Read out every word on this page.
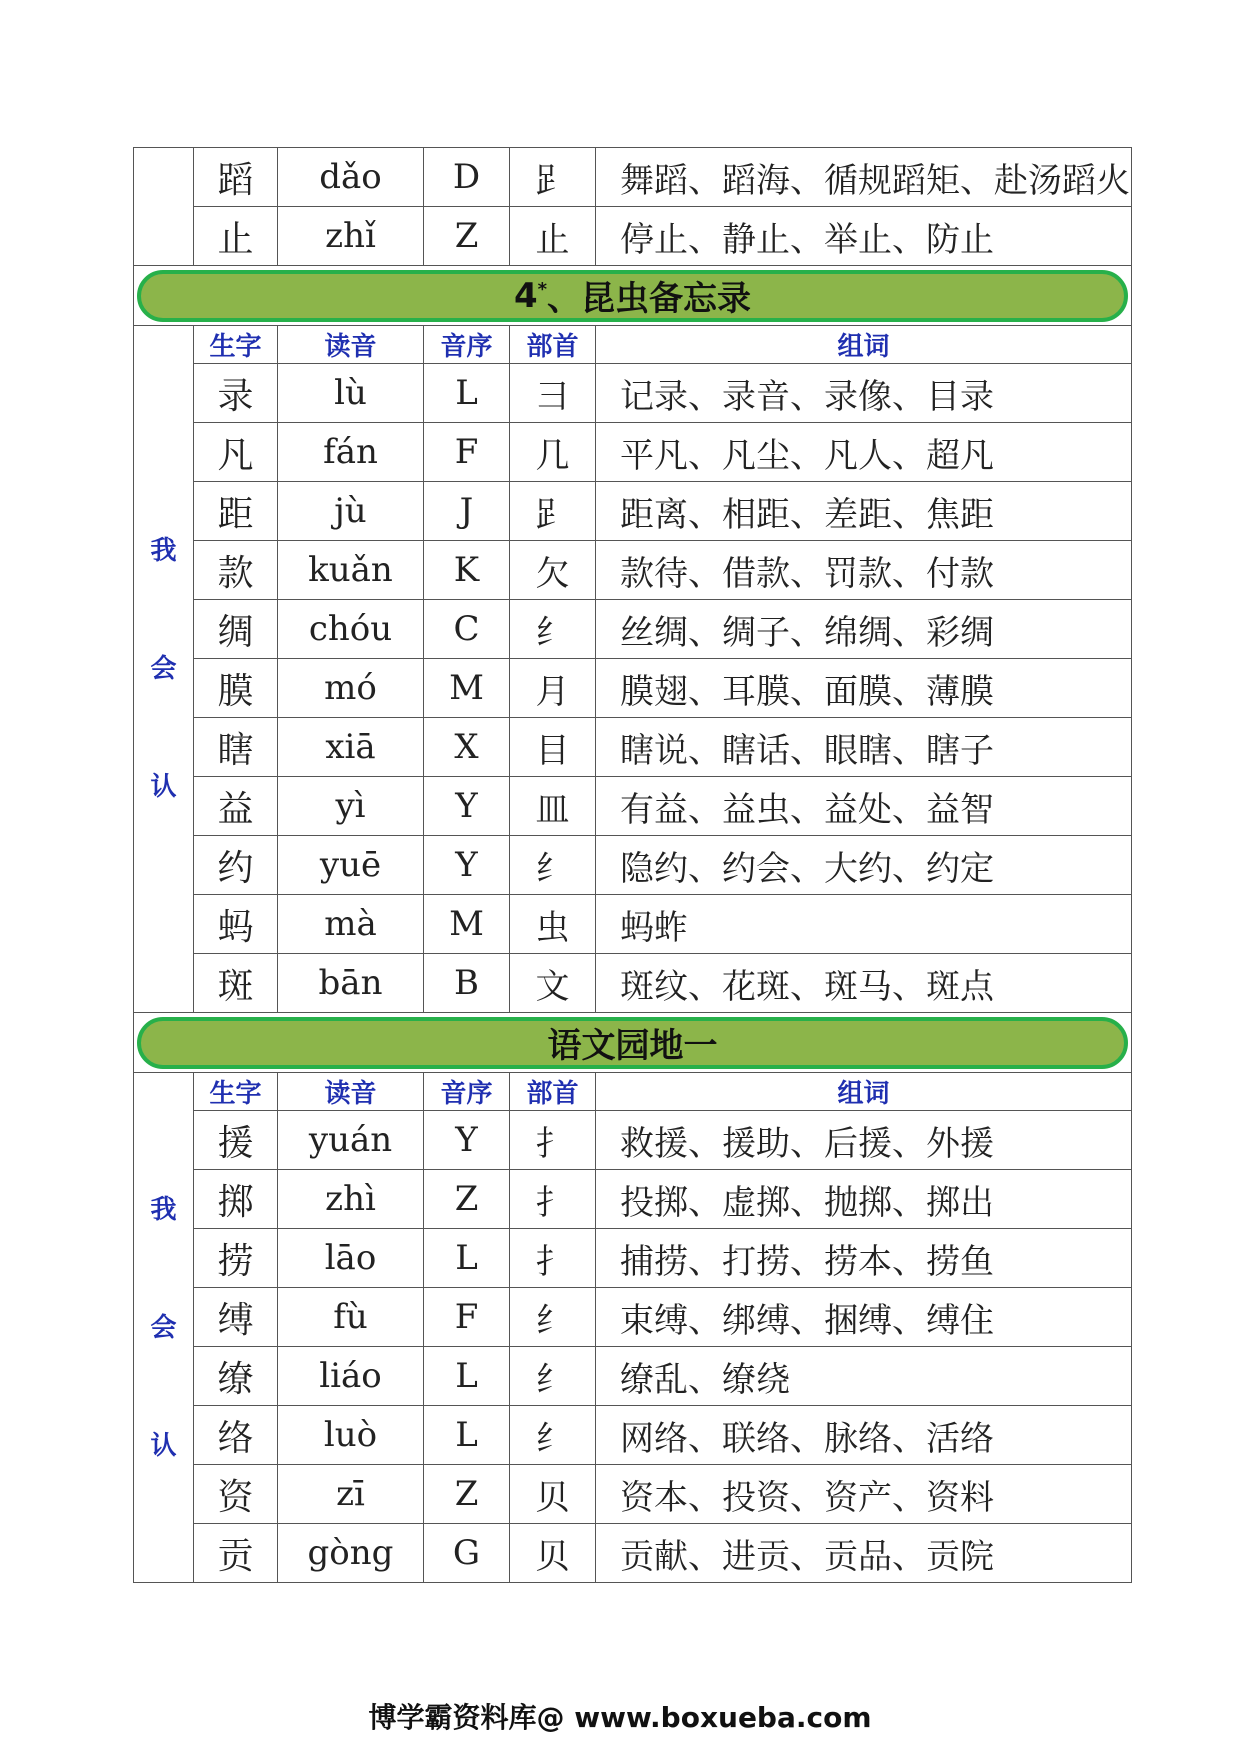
	蹈	dǎo	D	𧾷	舞蹈、蹈海、循规蹈矩、赴汤蹈火
	止	zhǐ	Z	止	停止、静止、举止、防止

4* 、昆虫备忘录					

我
会
认	生字	读音	音序	部首	组词
	录	lù	L	彐	记录、录音、录像、目录
	凡	fán	F	几	平凡、凡尘、凡人、超凡
	距	jù	J	𧾷	距离、相距、差距、焦距
	款	kuǎn	K	欠	款待、借款、罚款、付款
	绸	chóu	C	纟	丝绸、绸子、绵绸、彩绸
	膜	mó	M	月	膜翅、耳膜、面膜、薄膜
	瞎	xiā	X	目	瞎说、瞎话、眼瞎、瞎子
	益	yì	Y	皿	有益、益虫、益处、益智
	约	yuē	Y	纟	隐约、约会、大约、约定
	蚂	mà	M	虫	蚂蚱
	斑	bān	B	文	斑纹、花斑、斑马、斑点

语文园地一					

我
会
认	生字	读音	音序	部首	组词
	援	yuán	Y	扌	救援、援助、后援、外援
	掷	zhì	Z	扌	投掷、虚掷、抛掷、掷出
	捞	lāo	L	扌	捕捞、打捞、捞本、捞鱼
	缚	fù	F	纟	束缚、绑缚、捆缚、缚住
	缭	liáo	L	纟	缭乱、缭绕
	络	luò	L	纟	网络、联络、脉络、活络
	资	zī	Z	贝	资本、投资、资产、资料
	贡	gòng	G	贝	贡献、进贡、贡品、贡院
博学霸资料库@ www.boxueba.com
